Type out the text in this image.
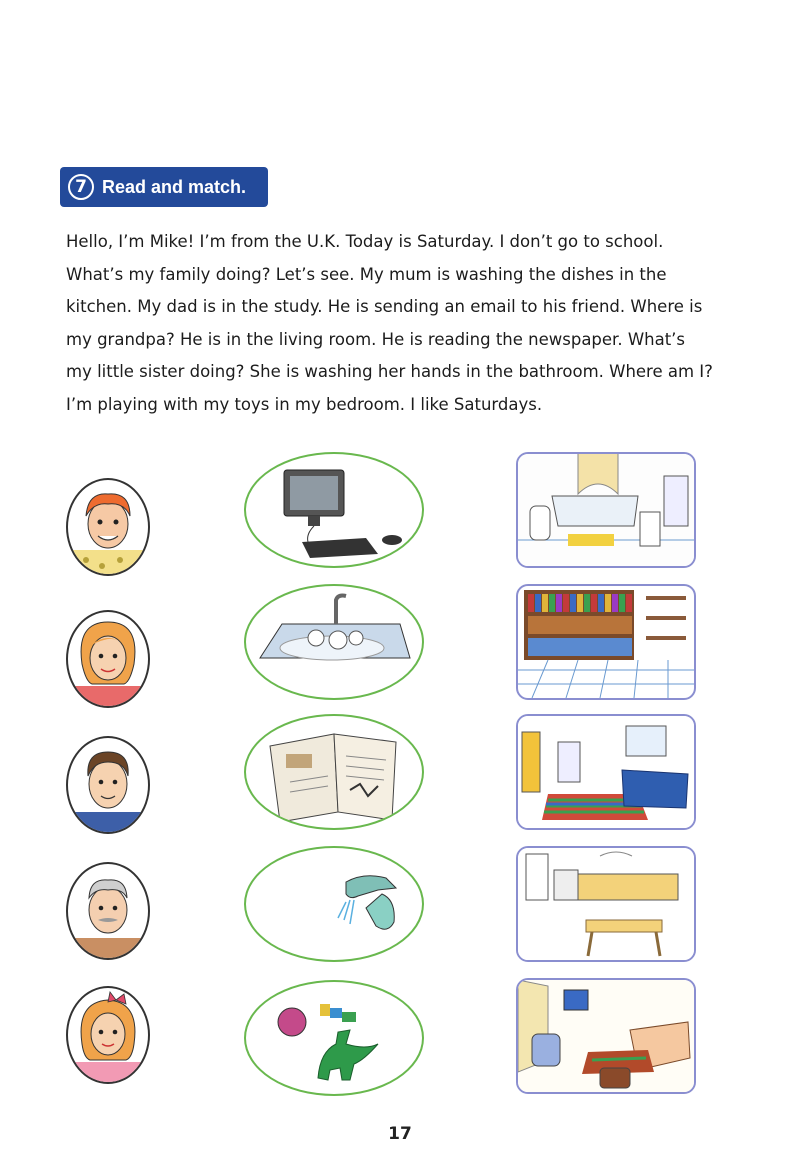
7 Read and match.
Hello, I’m Mike! I’m from the U.K. Today is Saturday. I don’t go to school.
What’s my family doing? Let’s see. My mum is washing the dishes in the
kitchen. My dad is in the study. He is sending an email to his friend. Where is
my grandpa? He is in the living room. He is reading the newspaper. What’s
my little sister doing? She is washing her hands in the bathroom. Where am I?
I’m playing with my toys in my bedroom. I like Saturdays.
17
